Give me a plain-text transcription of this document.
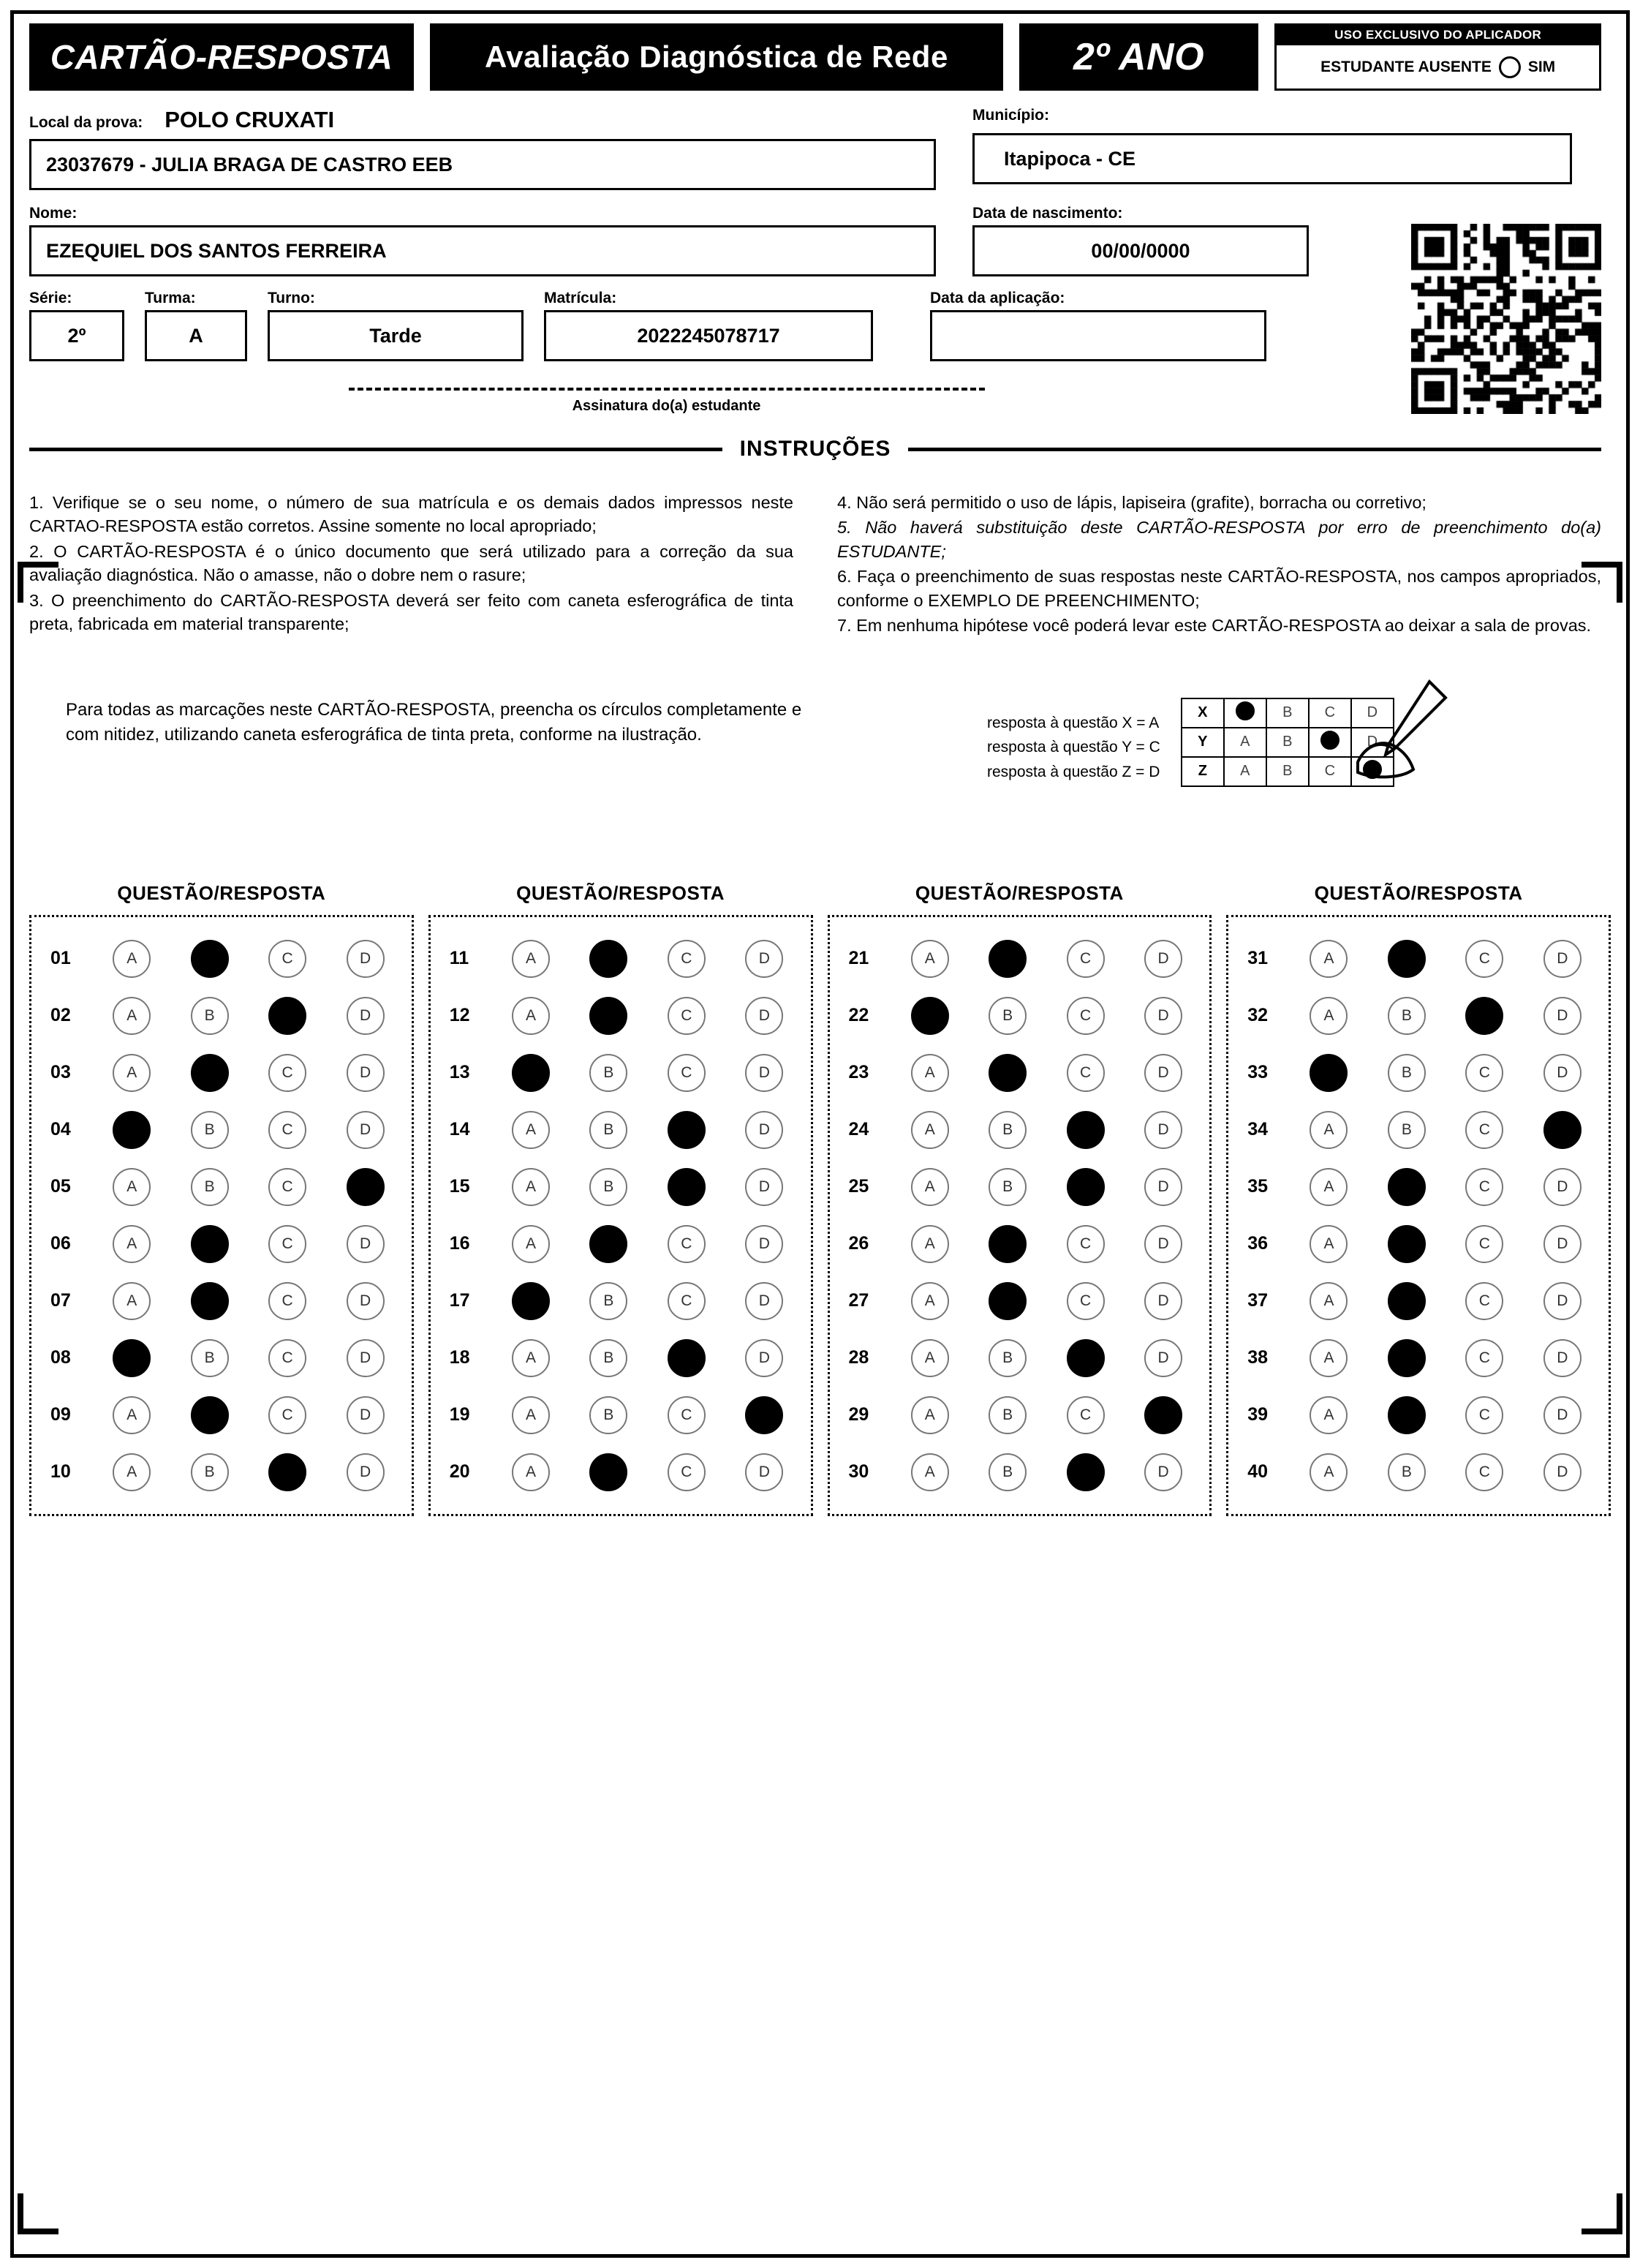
CARTÃO-RESPOSTA	Avaliação Diagnóstica de Rede	2º ANO
USO EXCLUSIVO DO APLICADOR
ESTUDANTE AUSENTE SIM
Local da prova: POLO CRUXATI
23037679 - JULIA BRAGA DE CASTRO EEB
Município:
Itapipoca - CE
Nome:
EZEQUIEL DOS SANTOS FERREIRA
Data de nascimento:
00/00/0000
Série:
2º
Turma:
A
Turno:
Tarde
Matrícula:
2022245078717
Data da aplicação:
Assinatura do(a) estudante
INSTRUÇÕES

1. Verifique se o seu nome, o número de sua matrícula e os demais dados impressos neste CARTAO-RESPOSTA estão corretos. Assine somente no local apropriado;

2. O CARTÃO-RESPOSTA é o único documento que será utilizado para a correção da sua avaliação diagnóstica. Não o amasse, não o dobre nem o rasure;

3. O preenchimento do CARTÃO-RESPOSTA deverá ser feito com caneta esferográfica de tinta preta, fabricada em material transparente;

4. Não será permitido o uso de lápis, lapiseira (grafite), borracha ou corretivo;

5. Não haverá substituição deste CARTÃO-RESPOSTA por erro de preenchimento do(a) ESTUDANTE;

6. Faça o preenchimento de suas respostas neste CARTÃO-RESPOSTA, nos campos apropriados, conforme o EXEMPLO DE PREENCHIMENTO;

7. Em nenhuma hipótese você poderá levar este CARTÃO-RESPOSTA ao deixar a sala de provas.

Para todas as marcações neste CARTÃO-RESPOSTA, preencha os círculos completamente e com nitidez, utilizando caneta esferográfica de tinta preta, conforme na ilustração.
resposta à questão X = A
resposta à questão Y = C
resposta à questão Z = D
X		B	C	D
Y	A	B		D
Z	A	B	C	
QUESTÃO/RESPOSTA
01	A	C	D
02	A	B	D
03	A	C	D
04	B	C	D
05	A	B	C
06	A	C	D
07	A	C	D
08	B	C	D
09	A	C	D
10	A	B	D
QUESTÃO/RESPOSTA
11	A	C	D
12	A	C	D
13	B	C	D
14	A	B	D
15	A	B	D
16	A	C	D
17	B	C	D
18	A	B	D
19	A	B	C
20	A	C	D
QUESTÃO/RESPOSTA
21	A	C	D
22	B	C	D
23	A	C	D
24	A	B	D
25	A	B	D
26	A	C	D
27	A	C	D
28	A	B	D
29	A	B	C
30	A	B	D
QUESTÃO/RESPOSTA
31	A	C	D
32	A	B	D
33	B	C	D
34	A	B	C
35	A	C	D
36	A	C	D
37	A	C	D
38	A	C	D
39	A	C	D
40	A	B	C	D
